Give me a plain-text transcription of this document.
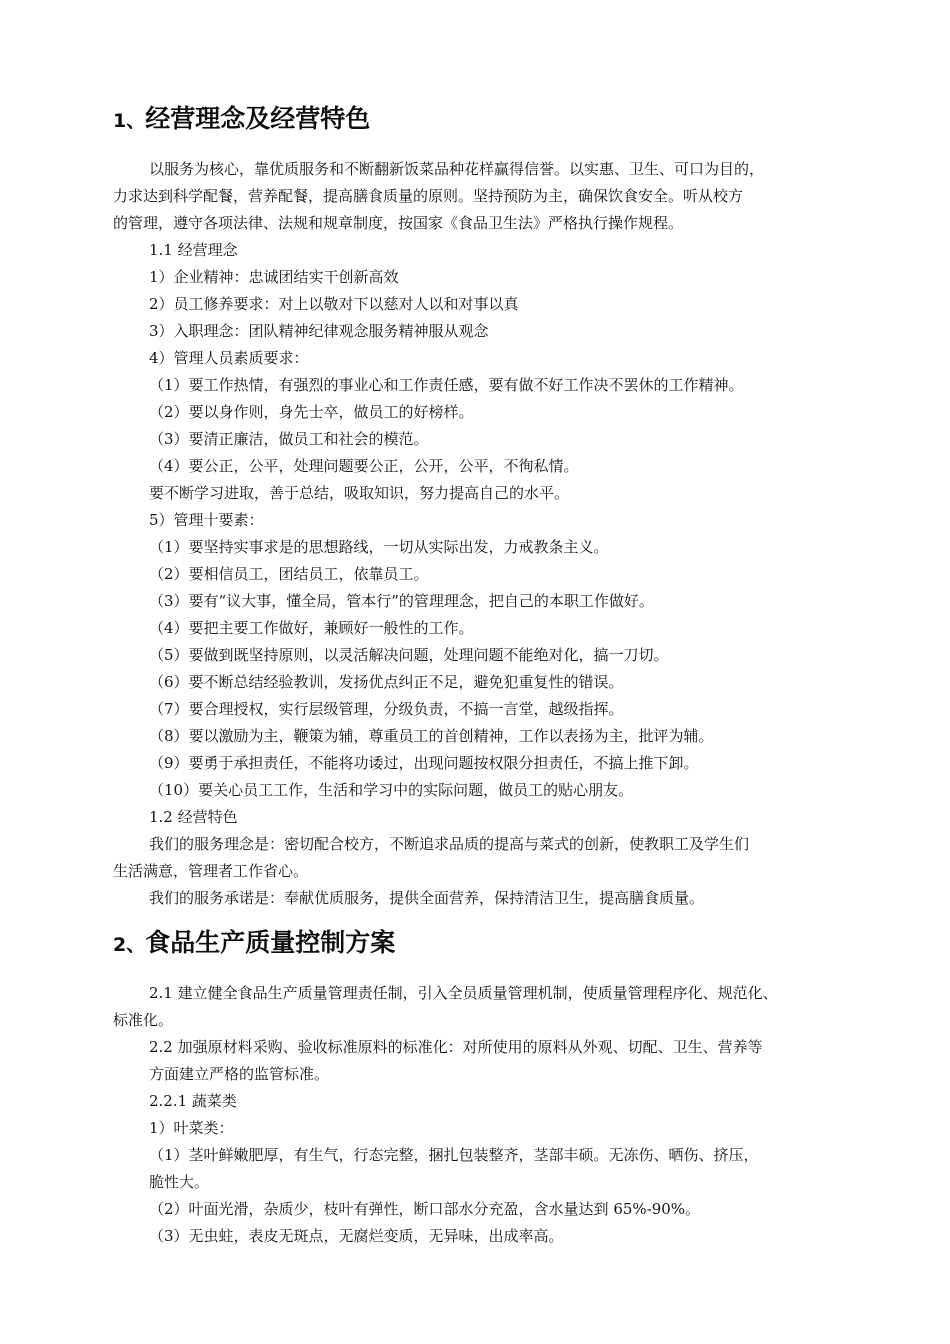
1、经营理念及经营特色
以服务为核心，靠优质服务和不断翻新饭菜品种花样赢得信誉。以实惠、卫生、可口为目的，
力求达到科学配餐，营养配餐，提高膳食质量的原则。坚持预防为主，确保饮食安全。听从校方
的管理，遵守各项法律、法规和规章制度，按国家《食品卫生法》严格执行操作规程。
1.1 经营理念
1）企业精神：忠诚团结实干创新高效
2）员工修养要求：对上以敬对下以慈对人以和对事以真
3）入职理念：团队精神纪律观念服务精神服从观念
4）管理人员素质要求：
（1）要工作热情，有强烈的事业心和工作责任感，要有做不好工作决不罢休的工作精神。
（2）要以身作则，身先士卒，做员工的好榜样。
（3）要清正廉洁，做员工和社会的模范。
（4）要公正，公平，处理问题要公正，公开，公平，不徇私情。
要不断学习进取，善于总结，吸取知识，努力提高自己的水平。
5）管理十要素：
（1）要坚持实事求是的思想路线，一切从实际出发，力戒教条主义。
（2）要相信员工，团结员工，依靠员工。
（3）要有“议大事，懂全局，管本行”的管理理念，把自己的本职工作做好。
（4）要把主要工作做好，兼顾好一般性的工作。
（5）要做到既坚持原则，以灵活解决问题，处理问题不能绝对化，搞一刀切。
（6）要不断总结经验教训，发扬优点纠正不足，避免犯重复性的错误。
（7）要合理授权，实行层级管理，分级负责，不搞一言堂，越级指挥。
（8）要以激励为主，鞭策为辅，尊重员工的首创精神，工作以表扬为主，批评为辅。
（9）要勇于承担责任，不能将功诿过，出现问题按权限分担责任，不搞上推下卸。
（10）要关心员工工作，生活和学习中的实际问题，做员工的贴心朋友。
1.2 经营特色
我们的服务理念是：密切配合校方，不断追求品质的提高与菜式的创新，使教职工及学生们
生活满意，管理者工作省心。
我们的服务承诺是：奉献优质服务，提供全面营养，保持清洁卫生，提高膳食质量。
2、食品生产质量控制方案
2.1 建立健全食品生产质量管理责任制，引入全员质量管理机制，使质量管理程序化、规范化、
标准化。
2.2 加强原材料采购、验收标准原料的标准化：对所使用的原料从外观、切配、卫生、营养等
方面建立严格的监管标准。
2.2.1 蔬菜类
1）叶菜类：
（1）茎叶鲜嫩肥厚，有生气，行态完整，捆扎包装整齐，茎部丰硕。无冻伤、晒伤、挤压，
脆性大。
（2）叶面光滑，杂质少，枝叶有弹性，断口部水分充盈，含水量达到 65%-90%。
（3）无虫蛀，表皮无斑点，无腐烂变质，无异味，出成率高。
